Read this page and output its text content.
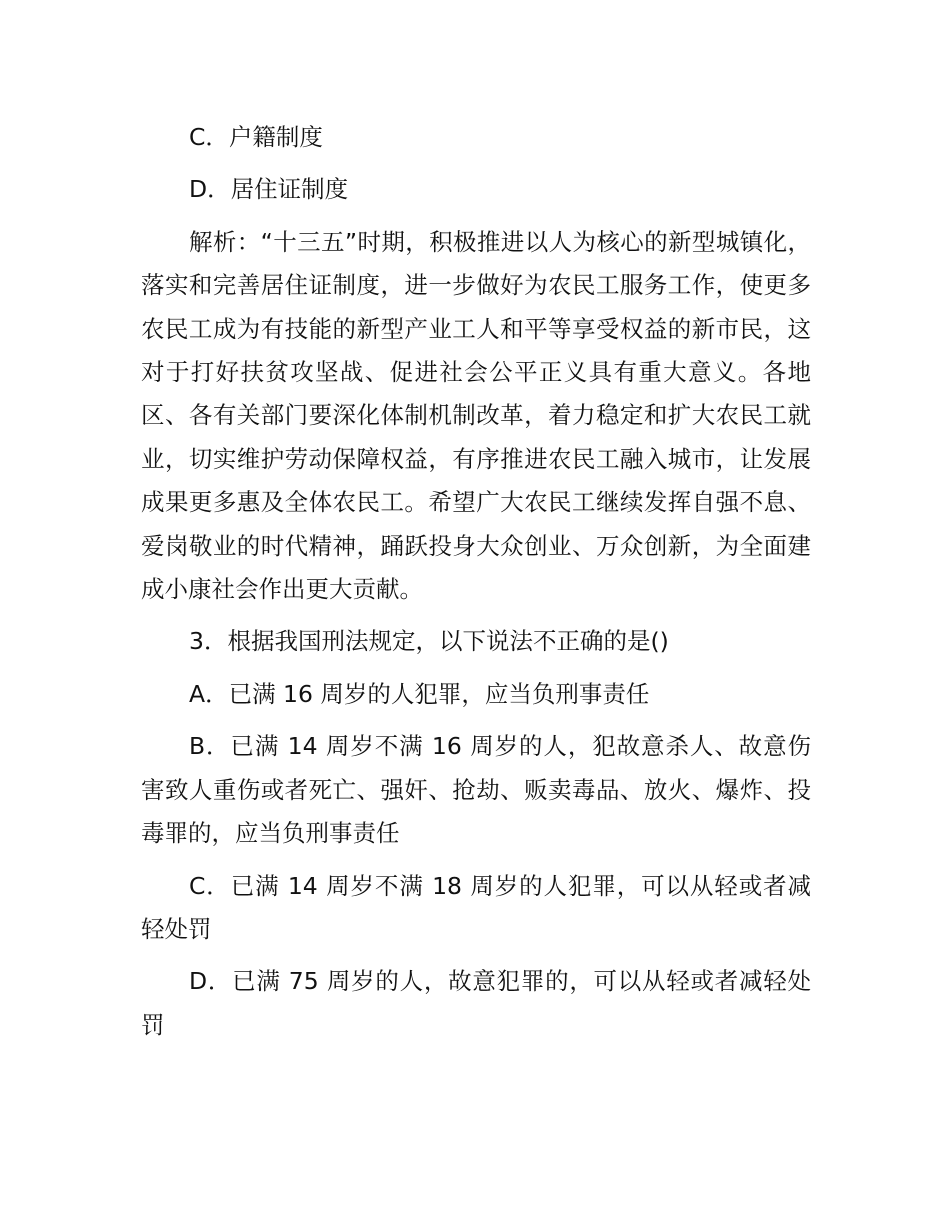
C．户籍制度

D．居住证制度

解析：“十三五”时期，积极推进以人为核心的新型城镇化，落实和完善居住证制度，进一步做好为农民工服务工作，使更多农民工成为有技能的新型产业工人和平等享受权益的新市民，这对于打好扶贫攻坚战、促进社会公平正义具有重大意义。各地区、各有关部门要深化体制机制改革，着力稳定和扩大农民工就业，切实维护劳动保障权益，有序推进农民工融入城市，让发展成果更多惠及全体农民工。希望广大农民工继续发挥自强不息、爱岗敬业的时代精神，踊跃投身大众创业、万众创新，为全面建成小康社会作出更大贡献。

3．根据我国刑法规定，以下说法不正确的是()

A．已满 16 周岁的人犯罪，应当负刑事责任

B．已满 14 周岁不满 16 周岁的人，犯故意杀人、故意伤害致人重伤或者死亡、强奸、抢劫、贩卖毒品、放火、爆炸、投毒罪的，应当负刑事责任

C．已满 14 周岁不满 18 周岁的人犯罪，可以从轻或者减轻处罚

D．已满 75 周岁的人，故意犯罪的，可以从轻或者减轻处罚
